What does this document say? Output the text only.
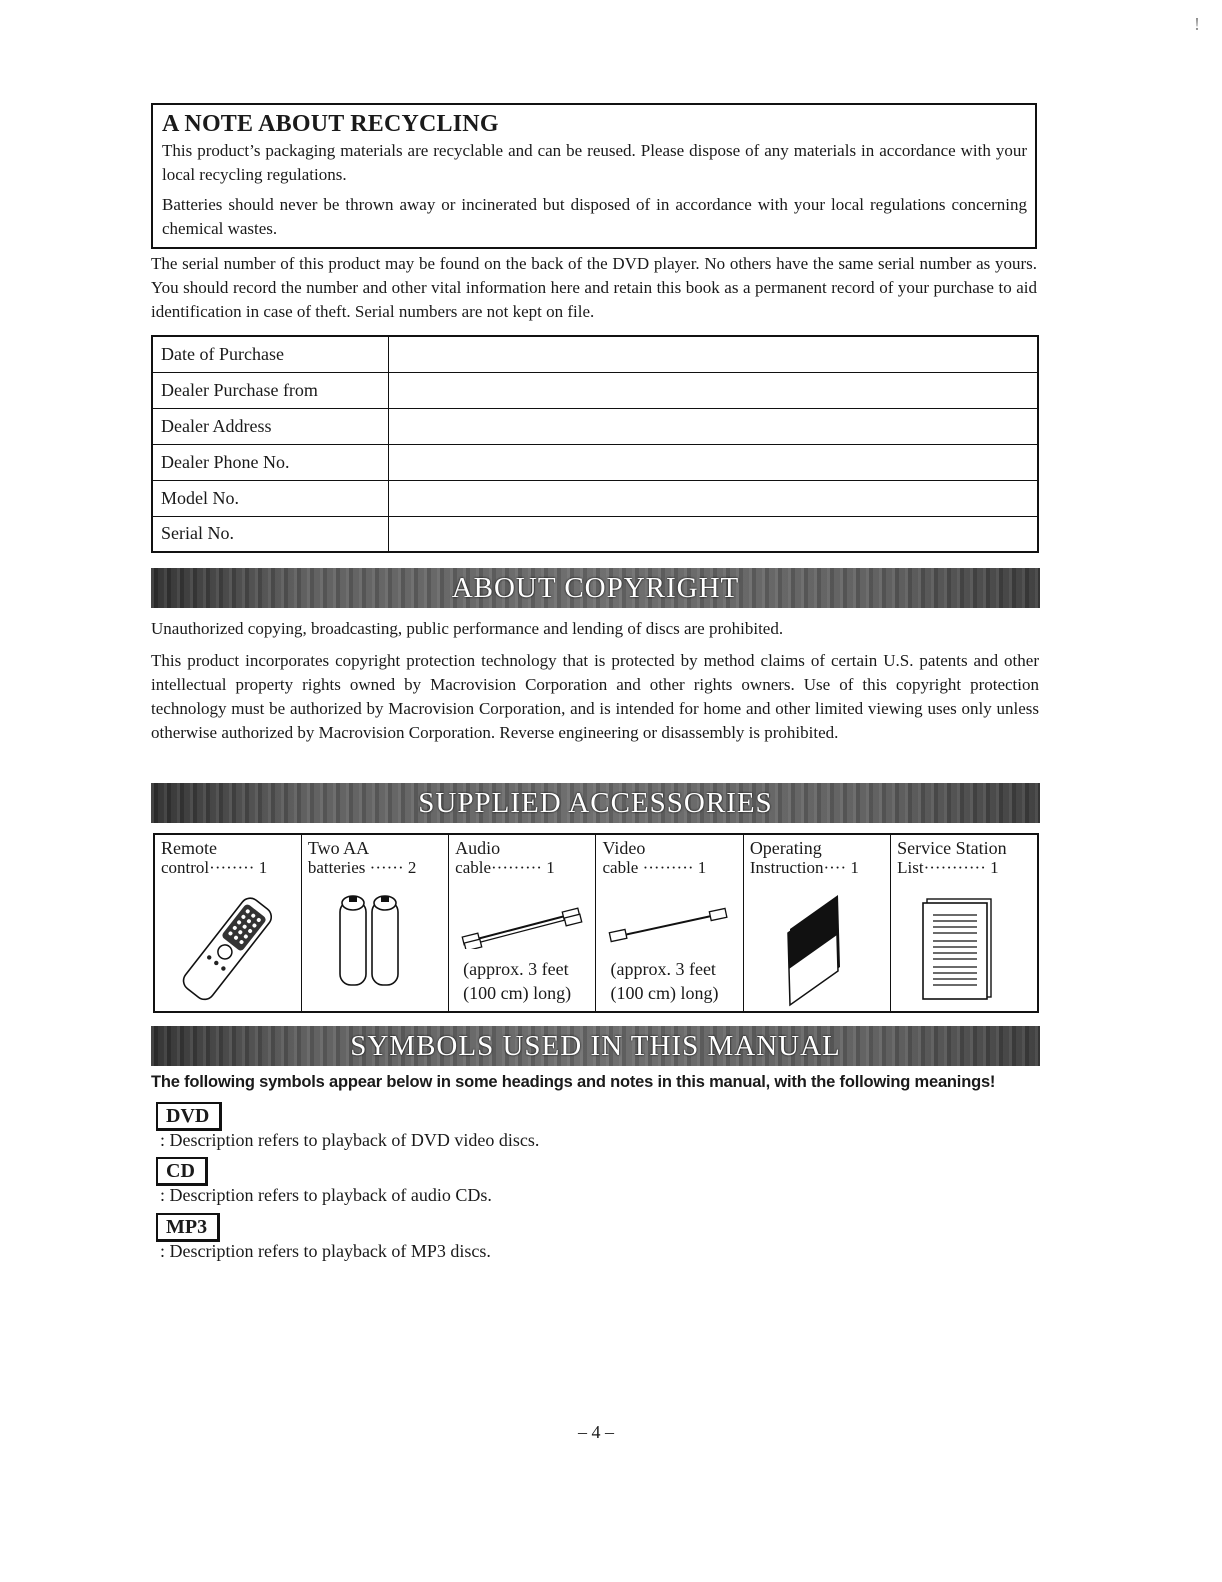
!
A NOTE ABOUT RECYCLING

This product’s packaging materials are recyclable and can be reused. Please dispose of any materials in accordance with your local recycling regulations.

Batteries should never be thrown away or incinerated but disposed of in accordance with your local regulations concerning chemical wastes.

The serial number of this product may be found on the back of the DVD player. No others have the same serial number as yours. You should record the number and other vital information here and retain this book as a permanent record of your purchase to aid identification in case of theft. Serial numbers are not kept on file.

Date of Purchase	
Dealer Purchase from	
Dealer Address	
Dealer Phone No.	
Model No.	
Serial No.	
ABOUT COPYRIGHT

Unauthorized copying, broadcasting, public performance and lending of discs are prohibited.

This product incorporates copyright protection technology that is protected by method claims of certain U.S. patents and other intellectual property rights owned by Macrovision Corporation and other rights owners. Use of this copyright protection technology must be authorized by Macrovision Corporation, and is intended for home and other limited viewing uses only unless otherwise authorized by Macrovision Corporation. Reverse engineering or disassembly is prohibited.

SUPPLIED ACCESSORIES
Remote
control········ 1

Two AA
batteries ······ 2

Audio
cable········· 1
(approx. 3 feet
(100 cm) long)

Video
cable ········· 1
(approx. 3 feet
(100 cm) long)

Operating
Instruction···· 1

Service Station
List··········· 1
SYMBOLS USED IN THIS MANUAL

The following symbols appear below in some headings and notes in this manual, with the following meanings!

DVD
: Description refers to playback of DVD video discs.
CD
: Description refers to playback of audio CDs.
MP3
: Description refers to playback of MP3 discs.
– 4 –
